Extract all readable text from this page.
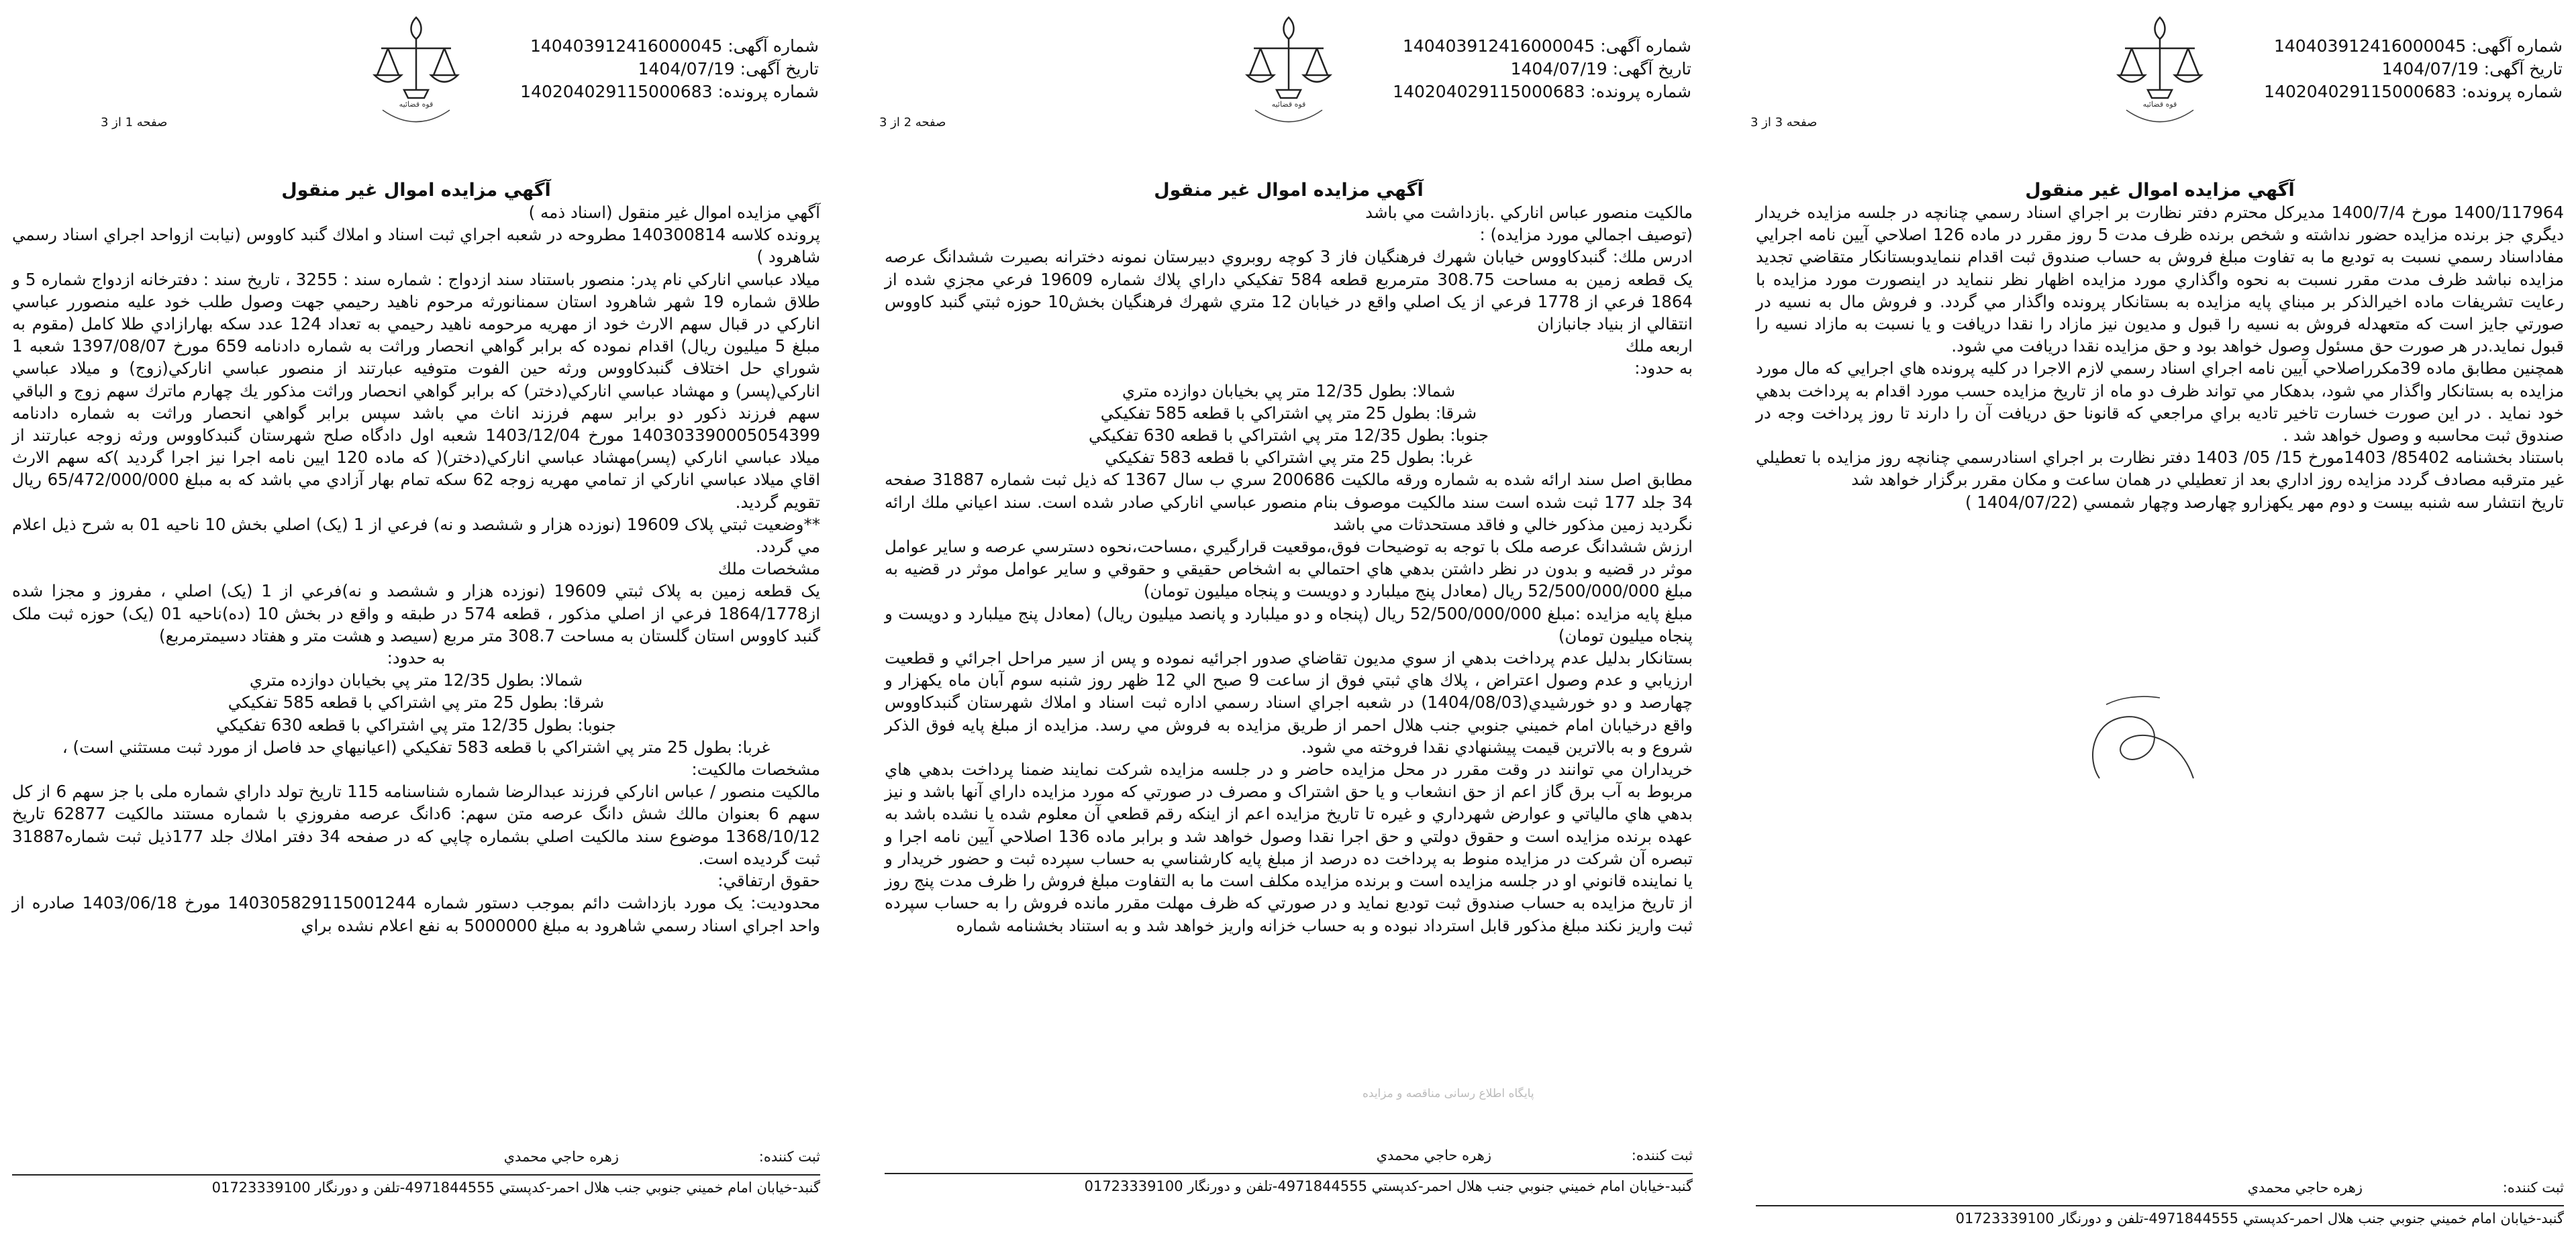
شماره آگهی: 140403912416000045
تاریخ آگهی: 1404/07/19
شماره پرونده: 140204029115000683
قوه قضائیه
صفحه 3 از 3
آگهي مزايده اموال غير منقول

1400/117964 مورخ 1400/7/4 مديركل محترم دفتر نظارت بر اجراي اسناد رسمي چنانچه در جلسه مزايده خريدار ديگري جز برنده مزايده حضور نداشته و شخص برنده ظرف مدت 5 روز مقرر در ماده 126 اصلاحي آيين نامه اجرايي مفاداسناد رسمي نسبت به توديع ما به تفاوت مبلغ فروش به حساب صندوق ثبت اقدام ننمايدوبستانكار متقاضي تجديد مزايده نباشد ظرف مدت مقرر نسبت به نحوه واگذاري مورد مزايده اظهار نظر ننمايد در اينصورت مورد مزايده با رعايت تشريفات ماده اخيرالذكر بر مبناي پايه مزايده به بستانكار پرونده واگذار مي گردد. و فروش مال به نسيه در صورتي جايز است كه متعهدله فروش به نسيه را قبول و مديون نيز مازاد را نقدا دريافت و يا نسبت به مازاد نسيه را قبول نمايد.در هر صورت حق مسئول وصول خواهد بود و حق مزايده نقدا دريافت مي شود.

همچنين مطابق ماده 39مكرراصلاحي آيين نامه اجراي اسناد رسمي لازم الاجرا در كليه پرونده هاي اجرايي كه مال مورد مزايده به بستانكار واگذار مي شود، بدهكار مي تواند ظرف دو ماه از تاريخ مزايده حسب مورد اقدام به پرداخت بدهي خود نمايد . در اين صورت خسارت تاخير تاديه براي مراجعي كه قانونا حق دريافت آن را دارند تا روز پرداخت وجه در صندوق ثبت محاسبه و وصول خواهد شد .

باستناد بخشنامه 85402/ 1403مورخ 15/ 05/ 1403 دفتر نظارت بر اجراي اسنادرسمي چنانچه روز مزايده با تعطيلي غير مترقبه مصادف گردد مزايده روز اداري بعد از تعطيلي در همان ساعت و مكان مقرر برگزار خواهد شد

تاريخ انتشار سه شنبه بيست و دوم مهر يكهزارو چهارصد وچهار شمسي (1404/07/22 )

ثبت کننده:
زهره حاجي محمدي
گنبد-خيابان امام خميني جنوبي جنب هلال احمر-كدپستي 4971844555-تلفن و دورنگار 01723339100
شماره آگهی: 140403912416000045
تاریخ آگهی: 1404/07/19
شماره پرونده: 140204029115000683
قوه قضائیه
صفحه 2 از 3
آگهي مزايده اموال غير منقول

مالكيت منصور عباس انارکي .بازداشت مي باشد

(توصيف اجمالي مورد مزايده) :

ادرس ملك: گنبدكاووس خيابان شهرك فرهنگيان فاز 3 كوچه روبروي دبيرستان نمونه دخترانه بصيرت ششدانگ عرصه يک قطعه زمين به مساحت 308.75 مترمربع قطعه 584 تفکيکي داراي پلاك شماره 19609 فرعي مجزي شده از 1864 فرعي از 1778 فرعي از يک اصلي واقع در خيابان 12 متري شهرك فرهنگيان بخش10 حوزه ثبتي گنبد كاووس انتقالي از بنياد جانبازان

اربعه ملك

به حدود:

شمالا: بطول 12/35 متر پي بخيابان دوازده متري

شرقا: بطول 25 متر پي اشتراكي با قطعه 585 تفكيكي

جنوبا: بطول 12/35 متر پي اشتراكي با قطعه 630 تفكيكي

غربا: بطول 25 متر پي اشتراكي با قطعه 583 تفكيكي

مطابق اصل سند ارائه شده به شماره ورقه مالكيت 200686 سري ب سال 1367 كه ذيل ثبت شماره 31887 صفحه 34 جلد 177 ثبت شده است سند مالكيت موصوف بنام منصور عباسي انارکي صادر شده است. سند اعياني ملك ارائه نگرديد زمين مذكور خالي و فاقد مستحدثات مي باشد

ارزش ششدانگ عرصه ملک با توجه به توضيحات فوق،موقعيت قرارگيري ،مساحت،نحوه دسترسي عرصه و ساير عوامل موثر در قضيه و بدون در نظر داشتن بدهي هاي احتمالي به اشخاص حقيقي و حقوقي و ساير عوامل موثر در قضيه به مبلغ 52/500/000/000 ريال (معادل پنج ميلبارد و دويست و پنجاه ميليون تومان)

مبلغ پايه مزايده :مبلغ 52/500/000/000 ريال (پنجاه و دو ميلبارد و پانصد ميليون ريال) (معادل پنج ميلبارد و دويست و پنجاه ميليون تومان)

بستانكار بدليل عدم پرداخت بدهي از سوي مديون تقاضاي صدور اجرائيه نموده و پس از سير مراحل اجرائي و قطعيت ارزيابي و عدم وصول اعتراض ، پلاك هاي ثبتي فوق از ساعت 9 صبح الي 12 ظهر روز شنبه سوم آبان ماه يكهزار و چهارصد و دو خورشيدي(1404/08/03) در شعبه اجراي اسناد رسمي اداره ثبت اسناد و املاك شهرستان گنبدكاووس واقع درخيابان امام خميني جنوبي جنب هلال احمر از طريق مزايده به فروش مي رسد. مزايده از مبلغ پايه فوق الذكر شروع و به بالاترين قيمت پيشنهادي نقدا فروخته مي شود.

خريداران مي توانند در وقت مقرر در محل مزايده حاضر و در جلسه مزايده شركت نمايند ضمنا پرداخت بدهي هاي مربوط به آب برق گاز اعم از حق انشعاب و يا حق اشتراک و مصرف در صورتي كه مورد مزايده داراي آنها باشد و نيز بدهي هاي مالياتي و عوارض شهرداري و غيره تا تاريخ مزايده اعم از اينكه رقم قطعي آن معلوم شده يا نشده باشد به عهده برنده مزايده است و حقوق دولتي و حق اجرا نقدا وصول خواهد شد و برابر ماده 136 اصلاحي آيين نامه اجرا و تبصره آن شركت در مزايده منوط به پرداخت ده درصد از مبلغ پايه كارشناسي به حساب سپرده ثبت و حضور خريدار و يا نماينده قانوني او در جلسه مزايده است و برنده مزايده مكلف است ما به التفاوت مبلغ فروش را ظرف مدت پنج روز از تاريخ مزايده به حساب صندوق ثبت توديع نمايد و در صورتي كه ظرف مهلت مقرر مانده فروش را به حساب سپرده ثبت واريز نكند مبلغ مذكور قابل استرداد نبوده و به حساب خزانه واريز خواهد شد و به استناد بخشنامه شماره

پایگاه اطلاع رسانی مناقصه و مزایده
ثبت کننده:
زهره حاجي محمدي
گنبد-خيابان امام خميني جنوبي جنب هلال احمر-كدپستي 4971844555-تلفن و دورنگار 01723339100
شماره آگهی: 140403912416000045
تاریخ آگهی: 1404/07/19
شماره پرونده: 140204029115000683
قوه قضائیه
صفحه 1 از 3
آگهي مزايده اموال غير منقول

آگهي مزايده اموال غير منقول (اسناد ذمه )

پرونده كلاسه 140300814 مطروحه در شعبه اجراي ثبت اسناد و املاك گنبد كاووس (نيابت ازواحد اجراي اسناد رسمي شاهرود )

ميلاد عباسي انارکي نام پدر: منصور باستناد سند ازدواج : شماره سند : 3255 ، تاريخ سند : دفترخانه ازدواج شماره 5 و طلاق شماره 19 شهر شاهرود استان سمنانورثه مرحوم ناهيد رحيمي جهت وصول طلب خود عليه منصورر عباسي انارکي در قبال سهم الارث خود از مهريه مرحومه ناهيد رحيمي به تعداد 124 عدد سكه بهارازادي طلا كامل (مقوم به مبلغ 5 ميليون ريال) اقدام نموده كه برابر گواهي انحصار وراثت به شماره دادنامه 659 مورخ 1397/08/07 شعبه 1 شوراي حل اختلاف گنبدكاووس ورثه حين الفوت متوفيه عبارتند از منصور عباسي انارکي(زوج) و ميلاد عباسي انارکي(پسر) و مهشاد عباسي انارکي(دختر) كه برابر گواهي انحصار وراثت مذكور يك چهارم ماترك سهم زوج و الباقي سهم فرزند ذكور دو برابر سهم فرزند اناث مي باشد سپس برابر گواهي انحصار وراثت به شماره دادنامه 140303390005054399 مورخ 1403/12/04 شعبه اول دادگاه صلح شهرستان گنبدكاووس ورثه زوجه عبارتند از ميلاد عباسي انارکي (پسر)مهشاد عباسي انارکي(دختر)( كه ماده 120 ايين نامه اجرا نيز اجرا گرديد )كه سهم الارث اقاي ميلاد عباسي انارکي از تمامي مهريه زوجه 62 سكه تمام بهار آزادي مي باشد كه به مبلغ 65/472/000/000 ريال تقويم گرديد.

**وضعيت ثبتي پلاک 19609 (نوزده هزار و ششصد و نه) فرعي از 1 (يک) اصلي بخش 10 ناحيه 01 به شرح ذيل اعلام مي گردد.

مشخصات ملك

يک قطعه زمين به پلاک ثبتي 19609 (نوزده هزار و ششصد و نه)فرعي از 1 (يک) اصلي ، مفروز و مجزا شده از1864/1778 فرعي از اصلي مذكور ، قطعه 574 در طبقه و واقع در بخش 10 (ده)ناحيه 01 (يک) حوزه ثبت ملک گنبد كاووس استان گلستان به مساحت 308.7 متر مربع (سيصد و هشت متر و هفتاد دسيمترمربع)

به حدود:

شمالا: بطول 12/35 متر پي بخيابان دوازده متري

شرقا: بطول 25 متر پي اشتراكي با قطعه 585 تفكيكي

جنوبا: بطول 12/35 متر پي اشتراكي با قطعه 630 تفكيكي

غربا: بطول 25 متر پي اشتراكي با قطعه 583 تفكيكي (اعيانيهاي حد فاصل از مورد ثبت مستثني است) ،

مشخصات مالكيت:

مالكيت منصور / عباس انارکي فرزند عبدالرضا شماره شناسنامه 115 تاريخ تولد داراي شماره ملی با جز سهم 6 از كل سهم 6 بعنوان مالك شش دانگ عرصه متن سهم: 6دانگ عرصه مفروزي با شماره مستند مالكيت 62877 تاريخ 1368/10/12 موضوع سند مالكيت اصلي بشماره چاپي كه در صفحه 34 دفتر املاك جلد 177ذيل ثبت شماره31887 ثبت گرديده است.

حقوق ارتفاقي:

محدوديت: يک مورد بازداشت دائم بموجب دستور شماره 140305829115001244 مورخ 1403/06/18 صادره از واحد اجراي اسناد رسمي شاهرود به مبلغ 5000000 به نفع اعلام نشده براي

ثبت کننده:
زهره حاجي محمدي
گنبد-خيابان امام خميني جنوبي جنب هلال احمر-كدپستي 4971844555-تلفن و دورنگار 01723339100
